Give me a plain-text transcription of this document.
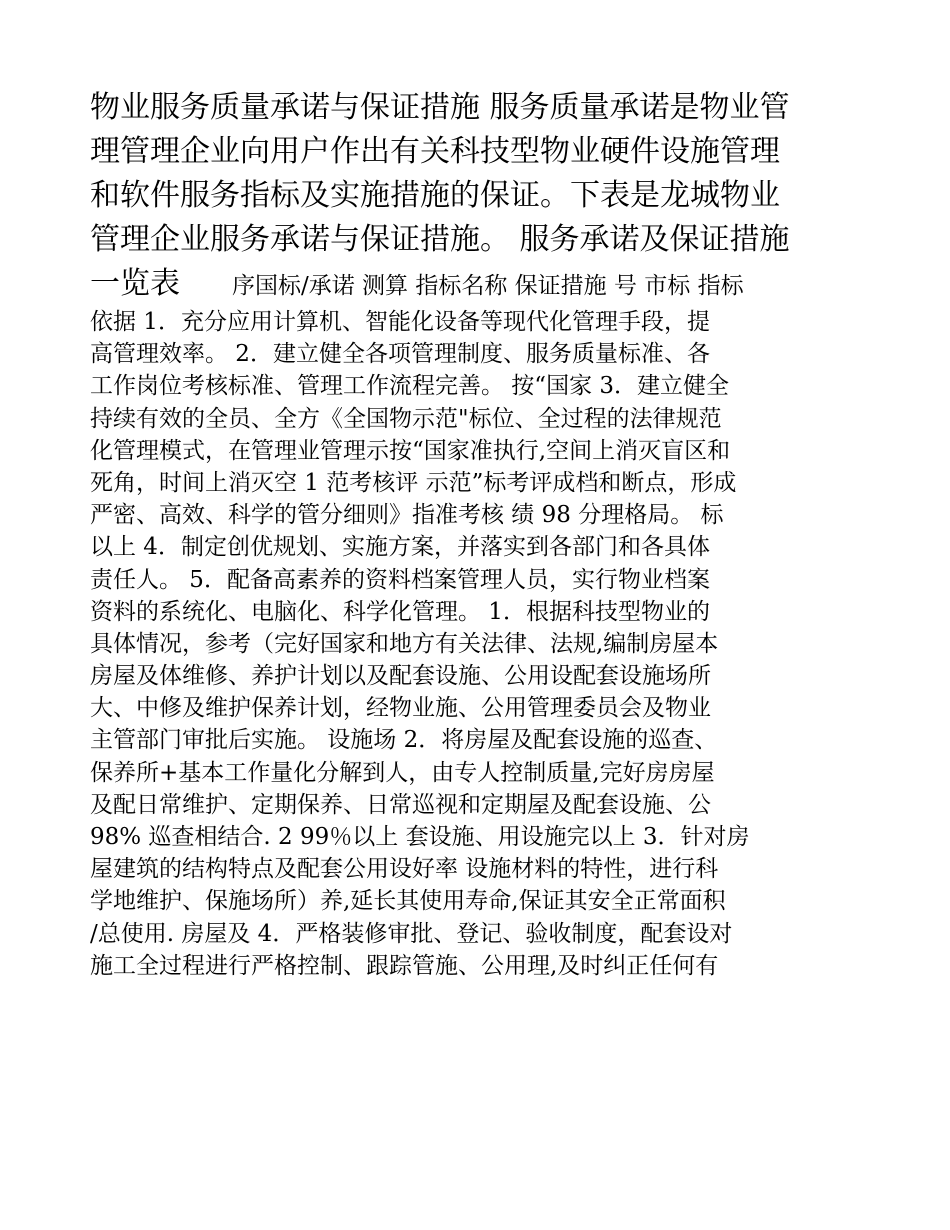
物业服务质量承诺与保证措施 服务质量承诺是物业管
理管理企业向用户作出有关科技型物业硬件设施管理
和软件服务指标及实施措施的保证。下表是龙城物业
管理企业服务承诺与保证措施。 服务承诺及保证措施
一览表 序国标/承诺 测算 指标名称 保证措施 号 市标 指标
依据 1．充分应用计算机、智能化设备等现代化管理手段，提
高管理效率。 2．建立健全各项管理制度、服务质量标准、各
工作岗位考核标准、管理工作流程完善。 按“国家 3．建立健全
持续有效的全员、全方《全国物示范"标位、全过程的法律规范
化管理模式，在管理业管理示按“国家准执行,空间上消灭盲区和
死角，时间上消灭空 1 范考核评 示范”标考评成档和断点，形成
严密、高效、科学的管分细则》指准考核 绩 98 分理格局。 标
以上 4．制定创优规划、实施方案，并落实到各部门和各具体
责任人。 5．配备高素养的资料档案管理人员，实行物业档案
资料的系统化、电脑化、科学化管理。 1．根据科技型物业的
具体情况，参考（完好国家和地方有关法律、法规,编制房屋本
房屋及体维修、养护计划以及配套设施、公用设配套设施场所
大、中修及维护保养计划，经物业施、公用管理委员会及物业
主管部门审批后实施。 设施场 2．将房屋及配套设施的巡查、
保养所+基本工作量化分解到人，由专人控制质量,完好房房屋
及配日常维护、定期保养、日常巡视和定期屋及配套设施、公
98% 巡查相结合. 2 99％以上 套设施、用设施完以上 3．针对房
屋建筑的结构特点及配套公用设好率 设施材料的特性，进行科
学地维护、保施场所）养,延长其使用寿命,保证其安全正常面积
/总使用. 房屋及 4．严格装修审批、登记、验收制度，配套设对
施工全过程进行严格控制、跟踪管施、公用理,及时纠正任何有
